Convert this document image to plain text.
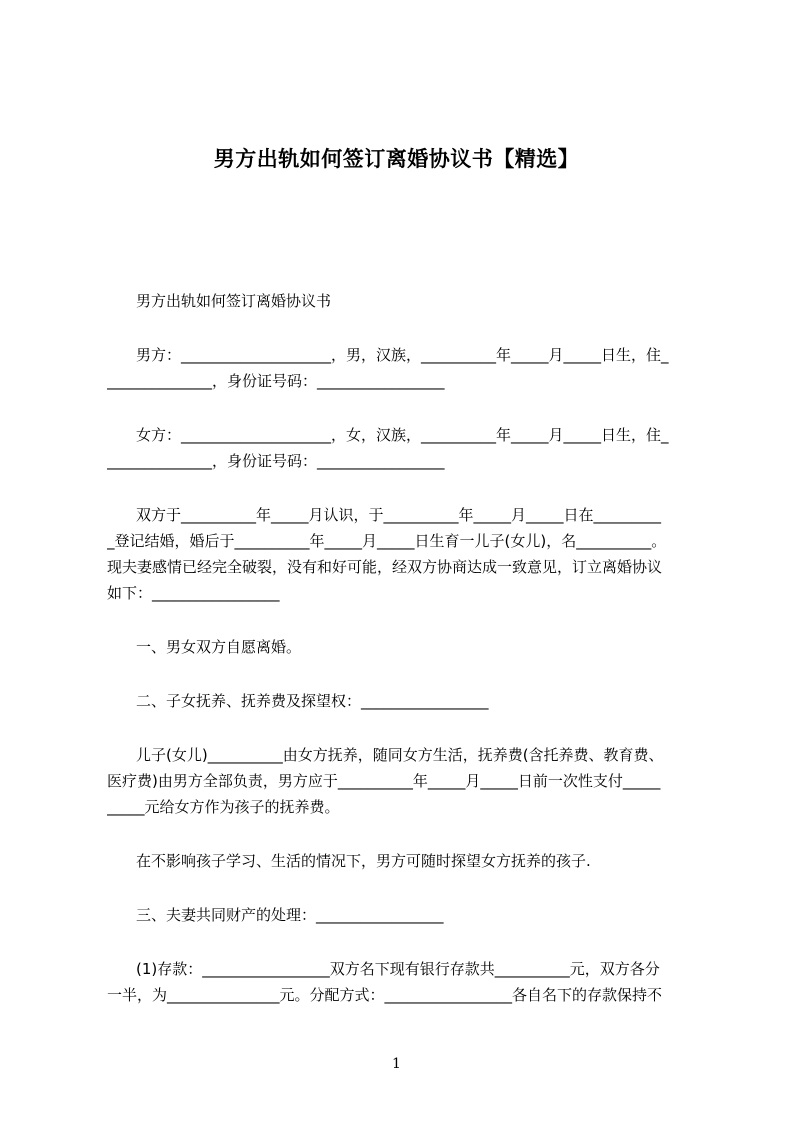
男方出轨如何签订离婚协议书【精选】
男方出轨如何签订离婚协议书
男方：____________________，男，汉族，__________年_____月_____日生，住_
______________，身份证号码：_________________
女方：____________________，女，汉族，__________年_____月_____日生，住_
______________，身份证号码：_________________
双方于__________年_____月认识，于__________年_____月_____日在_________
_登记结婚，婚后于__________年_____月_____日生育一儿子(女儿)，名__________。
现夫妻感情已经完全破裂，没有和好可能，经双方协商达成一致意见，订立离婚协议
如下：_________________
一、男女双方自愿离婚。
二、子女抚养、抚养费及探望权：_________________
儿子(女儿)__________由女方抚养，随同女方生活，抚养费(含托养费、教育费、
医疗费)由男方全部负责，男方应于__________年_____月_____日前一次性支付_____
_____元给女方作为孩子的抚养费。
在不影响孩子学习、生活的情况下，男方可随时探望女方抚养的孩子.
三、夫妻共同财产的处理：_________________
(1)存款：_________________双方名下现有银行存款共__________元，双方各分
一半，为_______________元。分配方式：_________________各自名下的存款保持不
1
